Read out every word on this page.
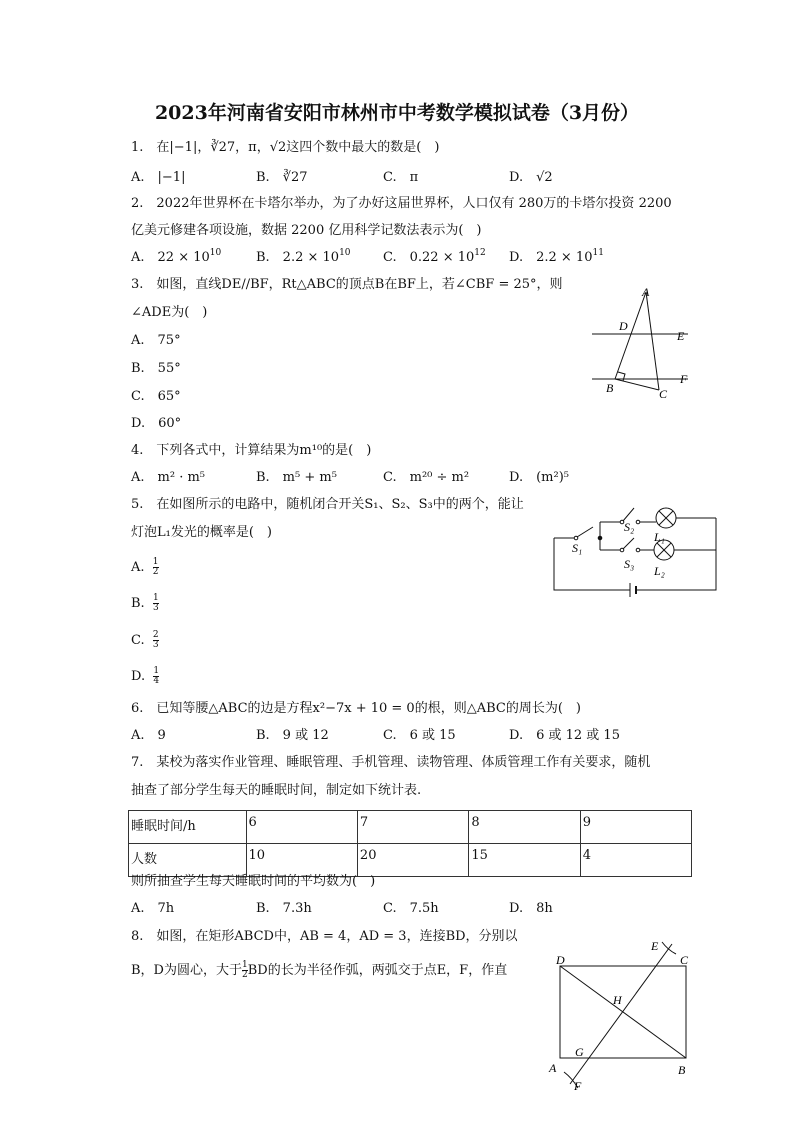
2023年河南省安阳市林州市中考数学模拟试卷（3月份）
1.　在|−1|，∛27，π，√2这四个数中最大的数是(　)
A.　|−1|	B.　∛27	C.　π	D.　√2
2.　2022年世界杯在卡塔尔举办，为了办好这届世界杯，人口仅有 280万的卡塔尔投资 2200
亿美元修建各项设施，数据 2200 亿用科学记数法表示为(　)
A.　$22 \times 10^{10}$	B.　$2.2 \times 10^{10}$ C.　$0.22 \times 10^{12}$ D.　$2.2 \times 10^{11}$
3.　如图，直线DE//BF，Rt△ABC的顶点B在BF上，若∠CBF = 25°，则
∠ADE为(　)
A.　75°
B.　55°
C.　65°
D.　60°
A
D
E
F
B	C
4.　下列各式中，计算结果为m¹⁰的是(　)
A.　m² · m⁵	B.　m⁵ + m⁵	C.　m²⁰ ÷ m²	D.　(m²)⁵
5.　在如图所示的电路中，随机闭合开关S₁、S₂、S₃中的两个，能让
灯泡L₁发光的概率是(　)
A. $\frac{1}{2}$
B. $\frac{1}{3}$
C. $\frac{2}{3}$
D. $\frac{1}{4}$
S₁
S₂
S₃
L₁
L₂
6.　已知等腰△ABC的边是方程x²−7x + 10 = 0的根，则△ABC的周长为(　)
A.　9	B.　9 或 12	C.　6 或 15	D.　6 或 12 或 15
7.　某校为落实作业管理、睡眠管理、手机管理、读物管理、体质管理工作有关要求，随机
抽查了部分学生每天的睡眠时间，制定如下统计表.
睡眠时间/h	6	7	8	9
人数	10	20	15	4
则所抽查学生每天睡眠时间的平均数为(　)
A.　7h	B.　7.3h	C.　7.5h	D.　8h
8.　如图，在矩形ABCD中，AB = 4，AD = 3，连接BD，分别以
B，D为圆心，大于 $\frac{1}{2}$ BD的长为半径作弧，两弧交于点E，F，作直
D	C
E
H
G
A	B
F
